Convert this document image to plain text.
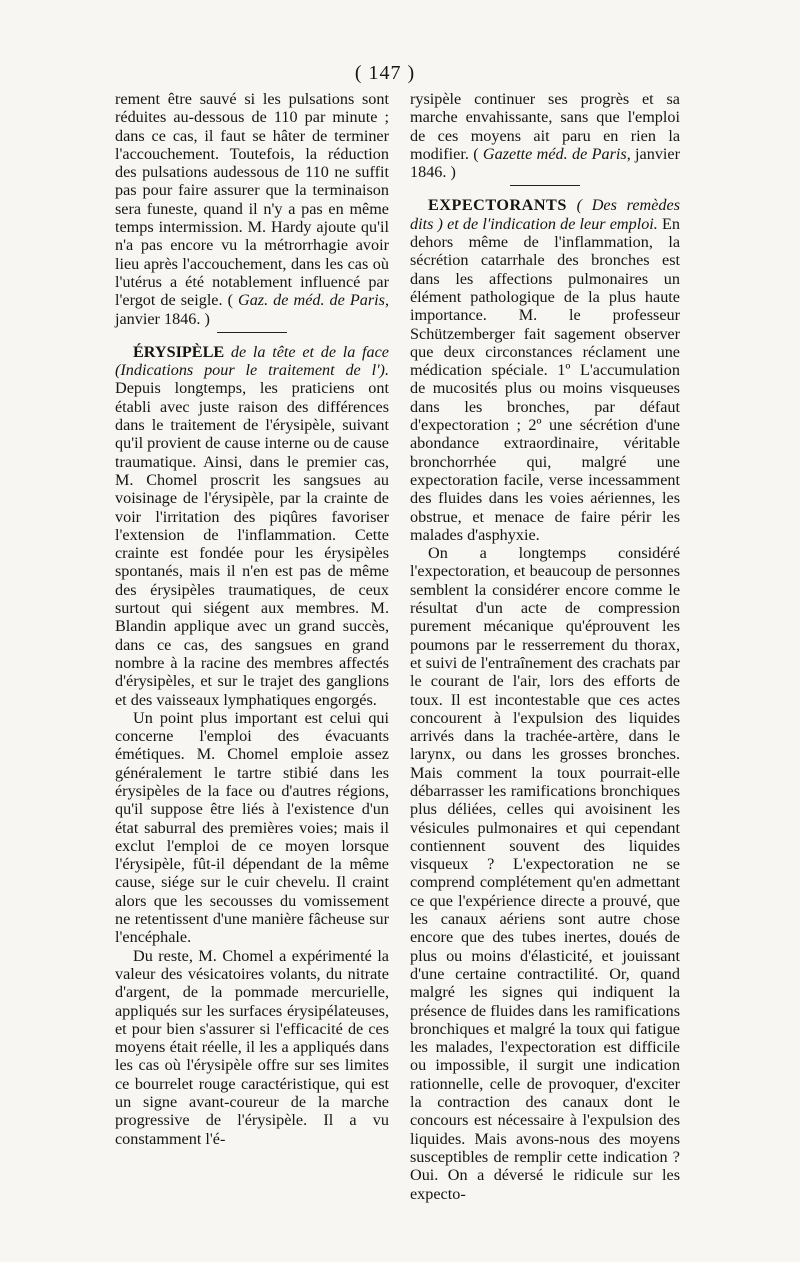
( 147 )

rement être sauvé si les pulsations sont réduites au-dessous de 110 par minute ; dans ce cas, il faut se hâter de terminer l'accouchement. Toutefois, la réduction des pulsations audessous de 110 ne suffit pas pour faire assurer que la terminaison sera funeste, quand il n'y a pas en même temps intermission. M. Hardy ajoute qu'il n'a pas encore vu la métrorrhagie avoir lieu après l'accouchement, dans les cas où l'utérus a été notablement influencé par l'ergot de seigle. ( Gaz. de méd. de Paris, janvier 1846. )

ÉRYSIPÈLE de la tête et de la face (Indications pour le traitement de l'). Depuis longtemps, les praticiens ont établi avec juste raison des différences dans le traitement de l'érysipèle, suivant qu'il provient de cause interne ou de cause traumatique. Ainsi, dans le premier cas, M. Chomel proscrit les sangsues au voisinage de l'érysipèle, par la crainte de voir l'irritation des piqûres favoriser l'extension de l'inflammation. Cette crainte est fondée pour les érysipèles spontanés, mais il n'en est pas de même des érysipèles traumatiques, de ceux surtout qui siégent aux membres. M. Blandin applique avec un grand succès, dans ce cas, des sangsues en grand nombre à la racine des membres affectés d'érysipèles, et sur le trajet des ganglions et des vaisseaux lymphatiques engorgés.

Un point plus important est celui qui concerne l'emploi des évacuants émétiques. M. Chomel emploie assez généralement le tartre stibié dans les érysipèles de la face ou d'autres régions, qu'il suppose être liés à l'existence d'un état saburral des premières voies; mais il exclut l'emploi de ce moyen lorsque l'érysipèle, fût-il dépendant de la même cause, siége sur le cuir chevelu. Il craint alors que les secousses du vomissement ne retentissent d'une manière fâcheuse sur l'encéphale.

Du reste, M. Chomel a expérimenté la valeur des vésicatoires volants, du nitrate d'argent, de la pommade mercurielle, appliqués sur les surfaces érysipélateuses, et pour bien s'assurer si l'efficacité de ces moyens était réelle, il les a appliqués dans les cas où l'érysipèle offre sur ses limites ce bourrelet rouge caractéristique, qui est un signe avant-coureur de la marche progressive de l'érysipèle. Il a vu constamment l'é-

rysipèle continuer ses progrès et sa marche envahissante, sans que l'emploi de ces moyens ait paru en rien la modifier. ( Gazette méd. de Paris, janvier 1846. )

EXPECTORANTS ( Des remèdes dits ) et de l'indication de leur emploi. En dehors même de l'inflammation, la sécrétion catarrhale des bronches est dans les affections pulmonaires un élément pathologique de la plus haute importance. M. le professeur Schützemberger fait sagement observer que deux circonstances réclament une médication spéciale. 1º L'accumulation de mucosités plus ou moins visqueuses dans les bronches, par défaut d'expectoration ; 2º une sécrétion d'une abondance extraordinaire, véritable bronchorrhée qui, malgré une expectoration facile, verse incessamment des fluides dans les voies aériennes, les obstrue, et menace de faire périr les malades d'asphyxie.

On a longtemps considéré l'expectoration, et beaucoup de personnes semblent la considérer encore comme le résultat d'un acte de compression purement mécanique qu'éprouvent les poumons par le resserrement du thorax, et suivi de l'entraînement des crachats par le courant de l'air, lors des efforts de toux. Il est incontestable que ces actes concourent à l'expulsion des liquides arrivés dans la trachée-artère, dans le larynx, ou dans les grosses bronches. Mais comment la toux pourrait-elle débarrasser les ramifications bronchiques plus déliées, celles qui avoisinent les vésicules pulmonaires et qui cependant contiennent souvent des liquides visqueux ? L'expectoration ne se comprend complétement qu'en admettant ce que l'expérience directe a prouvé, que les canaux aériens sont autre chose encore que des tubes inertes, doués de plus ou moins d'élasticité, et jouissant d'une certaine contractilité. Or, quand malgré les signes qui indiquent la présence de fluides dans les ramifications bronchiques et malgré la toux qui fatigue les malades, l'expectoration est difficile ou impossible, il surgit une indication rationnelle, celle de provoquer, d'exciter la contraction des canaux dont le concours est nécessaire à l'expulsion des liquides. Mais avons-nous des moyens susceptibles de remplir cette indication ? Oui. On a déversé le ridicule sur les expecto-
